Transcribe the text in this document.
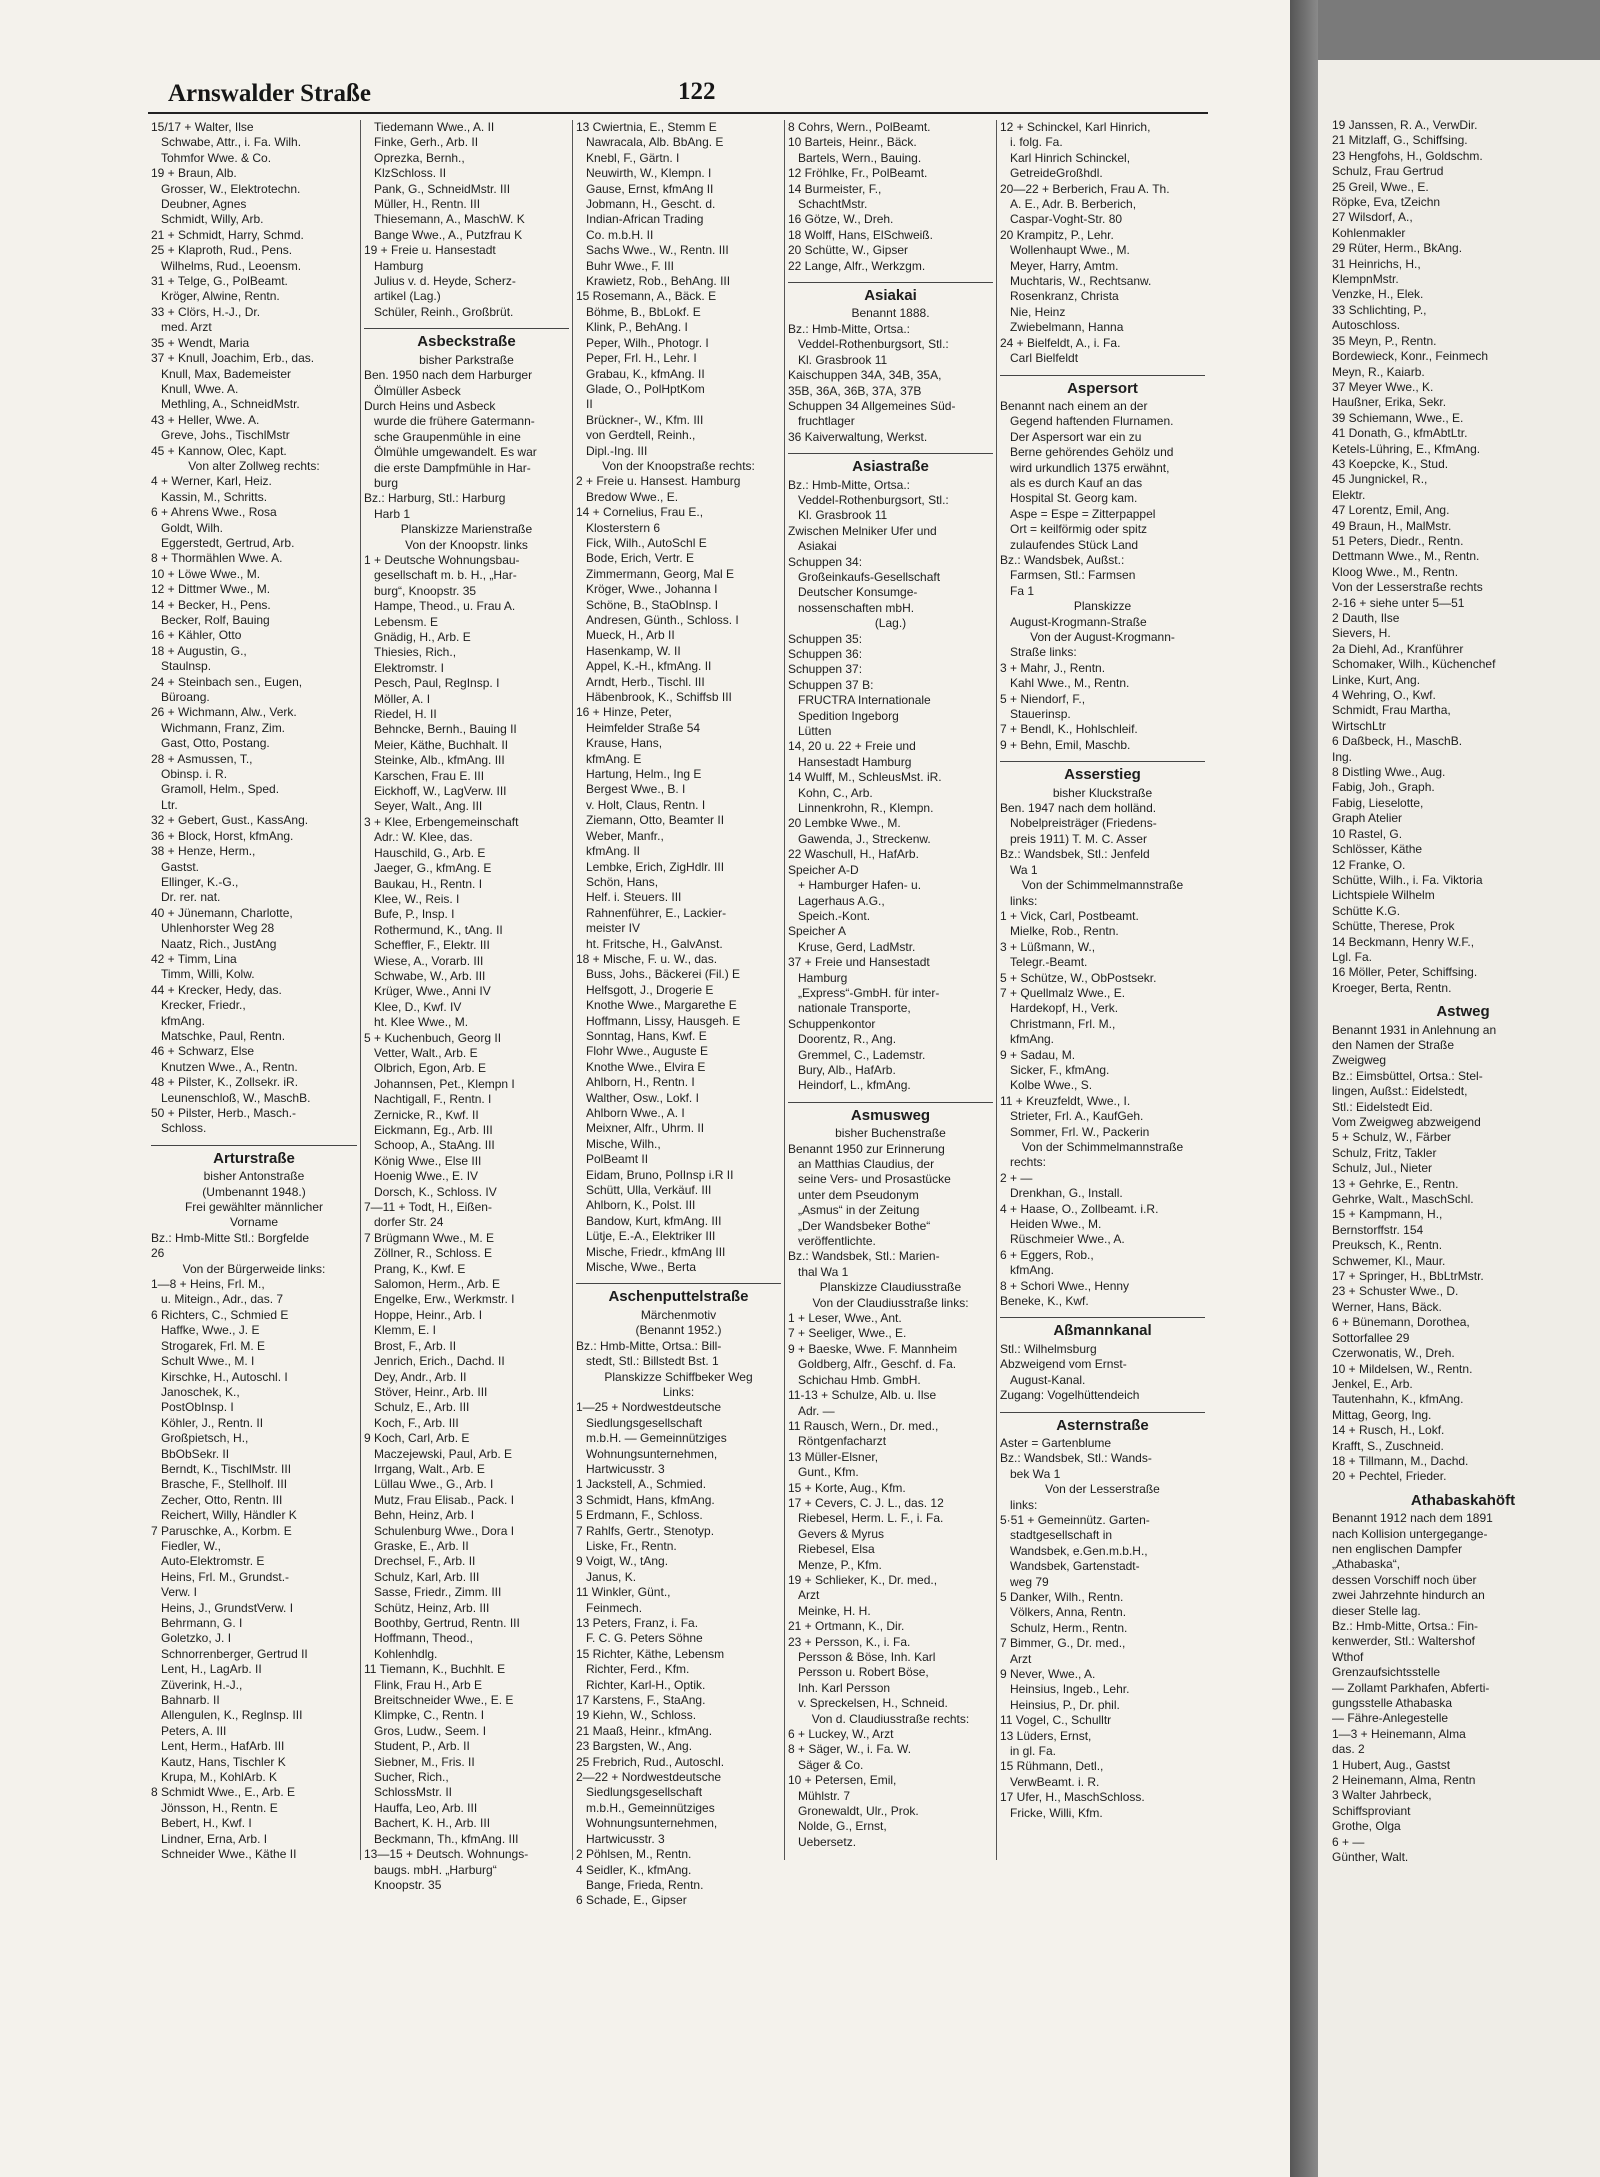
Arnswalder Straße	122
15/17 + Walter, Ilse
Schwabe, Attr., i. Fa. Wilh.
Tohmfor Wwe. & Co.
19 + Braun, Alb.
Grosser, W., Elektrotechn.
Deubner, Agnes
Schmidt, Willy, Arb.
21 + Schmidt, Harry, Schmd.
25 + Klaproth, Rud., Pens.
Wilhelms, Rud., Leoensm.
31 + Telge, G., PolBeamt.
Kröger, Alwine, Rentn.
33 + Clörs, H.-J., Dr.
med. Arzt
35 + Wendt, Maria
37 + Knull, Joachim, Erb., das.
Knull, Max, Bademeister
Knull, Wwe. A.
Methling, A., SchneidMstr.
43 + Heller, Wwe. A.
Greve, Johs., TischlMstr
45 + Kannow, Olec, Kapt.
Von alter Zollweg rechts:
4 + Werner, Karl, Heiz.
Kassin, M., Schritts.
6 + Ahrens Wwe., Rosa
Goldt, Wilh.
Eggerstedt, Gertrud, Arb.
8 + Thormählen Wwe. A.
10 + Löwe Wwe., M.
12 + Dittmer Wwe., M.
14 + Becker, H., Pens.
Becker, Rolf, Bauing
16 + Kähler, Otto
18 + Augustin, G.,
Staulnsp.
24 + Steinbach sen., Eugen,
Büroang.
26 + Wichmann, Alw., Verk.
Wichmann, Franz, Zim.
Gast, Otto, Postang.
28 + Asmussen, T.,
Obinsp. i. R.
Gramoll, Helm., Sped.
Ltr.
32 + Gebert, Gust., KassAng.
36 + Block, Horst, kfmAng.
38 + Henze, Herm.,
Gastst.
Ellinger, K.-G.,
Dr. rer. nat.
40 + Jünemann, Charlotte,
Uhlenhorster Weg 28
Naatz, Rich., JustAng
42 + Timm, Lina
Timm, Willi, Kolw.
44 + Krecker, Hedy, das.
Krecker, Friedr.,
kfmAng.
Matschke, Paul, Rentn.
46 + Schwarz, Else
Knutzen Wwe., A., Rentn.
48 + Pilster, K., Zollsekr. iR.
Leunenschloß, W., MaschB.
50 + Pilster, Herb., Masch.-
Schloss.
Arturstraße
bisher Antonstraße
(Umbenannt 1948.)
Frei gewählter männlicher
Vorname
Bz.: Hmb-Mitte Stl.: Borgfelde
26
Von der Bürgerweide links:
1—8 + Heins, Frl. M.,
u. Miteign., Adr., das. 7
6 Richters, C., Schmied E
Haffke, Wwe., J. E
Strogarek, Frl. M. E
Schult Wwe., M. I
Kirschke, H., Autoschl. I
Janoschek, K.,
PostObInsp. I
Köhler, J., Rentn. II
Großpietsch, H.,
BbObSekr. II
Berndt, K., TischlMstr. III
Brasche, F., Stellholf. III
Zecher, Otto, Rentn. III
Reichert, Willy, Händler K
7 Paruschke, A., Korbm. E
Fiedler, W.,
Auto-Elektromstr. E
Heins, Frl. M., Grundst.-
Verw. I
Heins, J., GrundstVerw. I
Behrmann, G. I
Goletzko, J. I
Schnorrenberger, Gertrud II
Lent, H., LagArb. II
Züverink, H.-J.,
Bahnarb. II
Allengulen, K., Reglnsp. III
Peters, A. III
Lent, Herm., HafArb. III
Kautz, Hans, Tischler K
Krupa, M., KohlArb. K
8 Schmidt Wwe., E., Arb. E
Jönsson, H., Rentn. E
Bebert, H., Kwf. I
Lindner, Erna, Arb. I
Schneider Wwe., Käthe II
Tiedemann Wwe., A. II
Finke, Gerh., Arb. II
Oprezka, Bernh.,
KlzSchloss. II
Pank, G., SchneidMstr. III
Müller, H., Rentn. III
Thiesemann, A., MaschW. K
Bange Wwe., A., Putzfrau K
19 + Freie u. Hansestadt
Hamburg
Julius v. d. Heyde, Scherz-
artikel (Lag.)
Schüler, Reinh., Großbrüt.
Asbeckstraße
bisher Parkstraße
Ben. 1950 nach dem Harburger
Ölmüller Asbeck
Durch Heins und Asbeck
wurde die frühere Gatermann-
sche Graupenmühle in eine
Ölmühle umgewandelt. Es war
die erste Dampfmühle in Har-
burg
Bz.: Harburg, Stl.: Harburg
Harb 1
Planskizze Marienstraße
Von der Knoopstr. links
1 + Deutsche Wohnungsbau-
gesellschaft m. b. H., „Har-
burg“, Knoopstr. 35
Hampe, Theod., u. Frau A.
Lebensm. E
Gnädig, H., Arb. E
Thiesies, Rich.,
Elektromstr. I
Pesch, Paul, RegInsp. I
Möller, A. I
Riedel, H. II
Behncke, Bernh., Bauing II
Meier, Käthe, Buchhalt. II
Steinke, Alb., kfmAng. III
Karschen, Frau E. III
Eickhoff, W., LagVerw. III
Seyer, Walt., Ang. III
3 + Klee, Erbengemeinschaft
Adr.: W. Klee, das.
Hauschild, G., Arb. E
Jaeger, G., kfmAng. E
Baukau, H., Rentn. I
Klee, W., Reis. I
Bufe, P., Insp. I
Rothermund, K., tAng. II
Scheffler, F., Elektr. III
Wiese, A., Vorarb. III
Schwabe, W., Arb. III
Krüger, Wwe., Anni IV
Klee, D., Kwf. IV
ht. Klee Wwe., M.
5 + Kuchenbuch, Georg II
Vetter, Walt., Arb. E
Olbrich, Egon, Arb. E
Johannsen, Pet., Klempn I
Nachtigall, F., Rentn. I
Zernicke, R., Kwf. II
Eickmann, Eg., Arb. III
Schoop, A., StaAng. III
König Wwe., Else III
Hoenig Wwe., E. IV
Dorsch, K., Schloss. IV
7—11 + Todt, H., Eißen-
dorfer Str. 24
7 Brügmann Wwe., M. E
Zöllner, R., Schloss. E
Prang, K., Kwf. E
Salomon, Herm., Arb. E
Engelke, Erw., Werkmstr. I
Hoppe, Heinr., Arb. I
Klemm, E. I
Brost, F., Arb. II
Jenrich, Erich., Dachd. II
Dey, Andr., Arb. II
Stöver, Heinr., Arb. III
Schulz, E., Arb. III
Koch, F., Arb. III
9 Koch, Carl, Arb. E
Maczejewski, Paul, Arb. E
Irrgang, Walt., Arb. E
Lüllau Wwe., G., Arb. I
Mutz, Frau Elisab., Pack. I
Behn, Heinz, Arb. I
Schulenburg Wwe., Dora I
Graske, E., Arb. II
Drechsel, F., Arb. II
Schulz, Karl, Arb. III
Sasse, Friedr., Zimm. III
Schütz, Heinz, Arb. III
Boothby, Gertrud, Rentn. III
Hoffmann, Theod.,
Kohlenhdlg.
11 Tiemann, K., Buchhlt. E
Flink, Frau H., Arb E
Breitschneider Wwe., E. E
Klimpke, C., Rentn. I
Gros, Ludw., Seem. I
Student, P., Arb. II
Siebner, M., Fris. II
Sucher, Rich.,
SchlossMstr. II
Hauffa, Leo, Arb. III
Bachert, K. H., Arb. III
Beckmann, Th., kfmAng. III
13—15 + Deutsch. Wohnungs-
baugs. mbH. „Harburg“
Knoopstr. 35
13 Cwiertnia, E., Stemm E
Nawracala, Alb. BbAng. E
Knebl, F., Gärtn. I
Neuwirth, W., Klempn. I
Gause, Ernst, kfmAng II
Jobmann, H., Gescht. d.
Indian-African Trading
Co. m.b.H. II
Sachs Wwe., W., Rentn. III
Buhr Wwe., F. III
Krawietz, Rob., BehAng. III
15 Rosemann, A., Bäck. E
Böhme, B., BbLokf. E
Klink, P., BehAng. I
Peper, Wilh., Photogr. I
Peper, Frl. H., Lehr. I
Grabau, K., kfmAng. II
Glade, O., PolHptKom
II
Brückner-, W., Kfm. III
von Gerdtell, Reinh.,
Dipl.-Ing. III
Von der Knoopstraße rechts:
2 + Freie u. Hansest. Hamburg
Bredow Wwe., E.
14 + Cornelius, Frau E.,
Klosterstern 6
Fick, Wilh., AutoSchl E
Bode, Erich, Vertr. E
Zimmermann, Georg, Mal E
Kröger, Wwe., Johanna I
Schöne, B., StaObInsp. I
Andresen, Günth., Schloss. I
Mueck, H., Arb II
Hasenkamp, W. II
Appel, K.-H., kfmAng. II
Arndt, Herb., Tischl. III
Häbenbrook, K., Schiffsb III
16 + Hinze, Peter,
Heimfelder Straße 54
Krause, Hans,
kfmAng. E
Hartung, Helm., Ing E
Bergest Wwe., B. I
v. Holt, Claus, Rentn. I
Ziemann, Otto, Beamter II
Weber, Manfr.,
kfmAng. II
Lembke, Erich, ZigHdlr. III
Schön, Hans,
Helf. i. Steuers. III
Rahnenführer, E., Lackier-
meister IV
ht. Fritsche, H., GalvAnst.
18 + Mische, F. u. W., das.
Buss, Johs., Bäckerei (Fil.) E
Helfsgott, J., Drogerie E
Knothe Wwe., Margarethe E
Hoffmann, Lissy, Hausgeh. E
Sonntag, Hans, Kwf. E
Flohr Wwe., Auguste E
Knothe Wwe., Elvira E
Ahlborn, H., Rentn. I
Walther, Osw., Lokf. I
Ahlborn Wwe., A. I
Meixner, Alfr., Uhrm. II
Mische, Wilh.,
PolBeamt II
Eidam, Bruno, PolInsp i.R II
Schütt, Ulla, Verkäuf. III
Ahlborn, K., Polst. III
Bandow, Kurt, kfmAng. III
Lütje, E.-A., Elektriker III
Mische, Friedr., kfmAng III
Mische, Wwe., Berta
Aschenputtelstraße
Märchenmotiv
(Benannt 1952.)
Bz.: Hmb-Mitte, Ortsa.: Bill-
stedt, Stl.: Billstedt Bst. 1
Planskizze Schiffbeker Weg
Links:
1—25 + Nordwestdeutsche
Siedlungsgesellschaft
m.b.H. — Gemeinnütziges
Wohnungsunternehmen,
Hartwicusstr. 3
1 Jackstell, A., Schmied.
3 Schmidt, Hans, kfmAng.
5 Erdmann, F., Schloss.
7 Rahlfs, Gertr., Stenotyp.
Liske, Fr., Rentn.
9 Voigt, W., tAng.
Janus, K.
11 Winkler, Günt.,
Feinmech.
13 Peters, Franz, i. Fa.
F. C. G. Peters Söhne
15 Richter, Käthe, Lebensm
Richter, Ferd., Kfm.
Richter, Karl-H., Optik.
17 Karstens, F., StaAng.
19 Kiehn, W., Schloss.
21 Maaß, Heinr., kfmAng.
23 Bargsten, W., Ang.
25 Frebrich, Rud., Autoschl.
2—22 + Nordwestdeutsche
Siedlungsgesellschaft
m.b.H., Gemeinnütziges
Wohnungsunternehmen,
Hartwicusstr. 3
2 Pöhlsen, M., Rentn.
4 Seidler, K., kfmAng.
Bange, Frieda, Rentn.
6 Schade, E., Gipser
8 Cohrs, Wern., PolBeamt.
10 Barteis, Heinr., Bäck.
Bartels, Wern., Bauing.
12 Fröhlke, Fr., PolBeamt.
14 Burmeister, F.,
SchachtMstr.
16 Götze, W., Dreh.
18 Wolff, Hans, ElSchweiß.
20 Schütte, W., Gipser
22 Lange, Alfr., Werkzgm.
Asiakai
Benannt 1888.
Bz.: Hmb-Mitte, Ortsa.:
Veddel-Rothenburgsort, Stl.:
Kl. Grasbrook 11
Kaischuppen 34A, 34B, 35A,
35B, 36A, 36B, 37A, 37B
Schuppen 34 Allgemeines Süd-
fruchtlager
36 Kaiverwaltung, Werkst.
Asiastraße
Bz.: Hmb-Mitte, Ortsa.:
Veddel-Rothenburgsort, Stl.:
Kl. Grasbrook 11
Zwischen Melniker Ufer und
Asiakai
Schuppen 34:
Großeinkaufs-Gesellschaft
Deutscher Konsumge-
nossenschaften mbH.
(Lag.)
Schuppen 35:
Schuppen 36:
Schuppen 37:
Schuppen 37 B:
FRUCTRA Internationale
Spedition Ingeborg
Lütten
14, 20 u. 22 + Freie und
Hansestadt Hamburg
14 Wulff, M., SchleusMst. iR.
Kohn, C., Arb.
Linnenkrohn, R., Klempn.
20 Lembke Wwe., M.
Gawenda, J., Streckenw.
22 Waschull, H., HafArb.
Speicher A-D
+ Hamburger Hafen- u.
Lagerhaus A.G.,
Speich.-Kont.
Speicher A
Kruse, Gerd, LadMstr.
37 + Freie und Hansestadt
Hamburg
„Express“-GmbH. für inter-
nationale Transporte,
Schuppenkontor
Doorentz, R., Ang.
Gremmel, C., Lademstr.
Bury, Alb., HafArb.
Heindorf, L., kfmAng.
Asmusweg
bisher Buchenstraße
Benannt 1950 zur Erinnerung
an Matthias Claudius, der
seine Vers- und Prosastücke
unter dem Pseudonym
„Asmus“ in der Zeitung
„Der Wandsbeker Bothe“
veröffentlichte.
Bz.: Wandsbek, Stl.: Marien-
thal Wa 1
Planskizze Claudiusstraße
Von der Claudiusstraße links:
1 + Leser, Wwe., Ant.
7 + Seeliger, Wwe., E.
9 + Baeske, Wwe. F. Mannheim
Goldberg, Alfr., Geschf. d. Fa.
Schichau Hmb. GmbH.
11-13 + Schulze, Alb. u. Ilse
Adr. —
11 Rausch, Wern., Dr. med.,
Röntgenfacharzt
13 Müller-Elsner,
Gunt., Kfm.
15 + Korte, Aug., Kfm.
17 + Cevers, C. J. L., das. 12
Riebesel, Herm. L. F., i. Fa.
Gevers & Myrus
Riebesel, Elsa
Menze, P., Kfm.
19 + Schlieker, K., Dr. med.,
Arzt
Meinke, H. H.
21 + Ortmann, K., Dir.
23 + Persson, K., i. Fa.
Persson & Böse, Inh. Karl
Persson u. Robert Böse,
Inh. Karl Persson
v. Spreckelsen, H., Schneid.
Von d. Claudiusstraße rechts:
6 + Luckey, W., Arzt
8 + Säger, W., i. Fa. W.
Säger & Co.
10 + Petersen, Emil,
Mühlstr. 7
Gronewaldt, Ulr., Prok.
Nolde, G., Ernst,
Uebersetz.
12 + Schinckel, Karl Hinrich,
i. folg. Fa.
Karl Hinrich Schinckel,
GetreideGroßhdl.
20—22 + Berberich, Frau A. Th.
A. E., Adr. B. Berberich,
Caspar-Voght-Str. 80
20 Krampitz, P., Lehr.
Wollenhaupt Wwe., M.
Meyer, Harry, Amtm.
Muchtaris, W., Rechtsanw.
Rosenkranz, Christa
Nie, Heinz
Zwiebelmann, Hanna
24 + Bielfeldt, A., i. Fa.
Carl Bielfeldt
Aspersort
Benannt nach einem an der
Gegend haftenden Flurnamen.
Der Aspersort war ein zu
Berne gehörendes Gehölz und
wird urkundlich 1375 erwähnt,
als es durch Kauf an das
Hospital St. Georg kam.
Aspe = Espe = Zitterpappel
Ort = keilförmig oder spitz
zulaufendes Stück Land
Bz.: Wandsbek, Außst.:
Farmsen, Stl.: Farmsen
Fa 1
Planskizze
August-Krogmann-Straße
Von der August-Krogmann-
Straße links:
3 + Mahr, J., Rentn.
Kahl Wwe., M., Rentn.
5 + Niendorf, F.,
Stauerinsp.
7 + Bendl, K., Hohlschleif.
9 + Behn, Emil, Maschb.
Asserstieg
bisher Kluckstraße
Ben. 1947 nach dem holländ.
Nobelpreisträger (Friedens-
preis 1911) T. M. C. Asser
Bz.: Wandsbek, Stl.: Jenfeld
Wa 1
Von der Schimmelmannstraße
links:
1 + Vick, Carl, Postbeamt.
Mielke, Rob., Rentn.
3 + Lüßmann, W.,
Telegr.-Beamt.
5 + Schütze, W., ObPostsekr.
7 + Quellmalz Wwe., E.
Hardekopf, H., Verk.
Christmann, Frl. M.,
kfmAng.
9 + Sadau, M.
Sicker, F., kfmAng.
Kolbe Wwe., S.
11 + Kreuzfeldt, Wwe., I.
Strieter, Frl. A., KaufGeh.
Sommer, Frl. W., Packerin
Von der Schimmelmannstraße
rechts:
2 + —
Drenkhan, G., Install.
4 + Haase, O., Zollbeamt. i.R.
Heiden Wwe., M.
Rüschmeier Wwe., A.
6 + Eggers, Rob.,
kfmAng.
8 + Schori Wwe., Henny
Beneke, K., Kwf.
Aßmannkanal
Stl.: Wilhelmsburg
Abzweigend vom Ernst-
August-Kanal.
Zugang: Vogelhüttendeich
Asternstraße
Aster = Gartenblume
Bz.: Wandsbek, Stl.: Wands-
bek Wa 1
Von der Lesserstraße
links:
5·51 + Gemeinnütz. Garten-
stadtgesellschaft in
Wandsbek, e.Gen.m.b.H.,
Wandsbek, Gartenstadt-
weg 79
5 Danker, Wilh., Rentn.
Völkers, Anna, Rentn.
Schulz, Herm., Rentn.
7 Bimmer, G., Dr. med.,
Arzt
9 Never, Wwe., A.
Heinsius, Ingeb., Lehr.
Heinsius, P., Dr. phil.
11 Vogel, C., Schulltr
13 Lüders, Ernst,
in gl. Fa.
15 Rühmann, Detl.,
VerwBeamt. i. R.
17 Ufer, H., MaschSchloss.
Fricke, Willi, Kfm.
19 Janssen, R. A., VerwDir.
21 Mitzlaff, G., Schiffsing.
23 Hengfohs, H., Goldschm.
Schulz, Frau Gertrud
25 Greil, Wwe., E.
Röpke, Eva, tZeichn
27 Wilsdorf, A.,
Kohlenmakler
29 Rüter, Herm., BkAng.
31 Heinrichs, H.,
KlempnMstr.
Venzke, H., Elek.
33 Schlichting, P.,
Autoschloss.
35 Meyn, P., Rentn.
Bordewieck, Konr., Feinmech
Meyn, R., Kaiarb.
37 Meyer Wwe., K.
Haußner, Erika, Sekr.
39 Schiemann, Wwe., E.
41 Donath, G., kfmAbtLtr.
Ketels-Lühring, E., KfmAng.
43 Koepcke, K., Stud.
45 Jungnickel, R.,
Elektr.
47 Lorentz, Emil, Ang.
49 Braun, H., MalMstr.
51 Peters, Diedr., Rentn.
Dettmann Wwe., M., Rentn.
Kloog Wwe., M., Rentn.
Von der Lesserstraße rechts
2-16 + siehe unter 5—51
2 Dauth, Ilse
Sievers, H.
2a Diehl, Ad., Kranführer
Schomaker, Wilh., Küchenchef
Linke, Kurt, Ang.
4 Wehring, O., Kwf.
Schmidt, Frau Martha,
WirtschLtr
6 Daßbeck, H., MaschB.
Ing.
8 Distling Wwe., Aug.
Fabig, Joh., Graph.
Fabig, Lieselotte,
Graph Atelier
10 Rastel, G.
Schlösser, Käthe
12 Franke, O.
Schütte, Wilh., i. Fa. Viktoria
Lichtspiele Wilhelm
Schütte K.G.
Schütte, Therese, Prok
14 Beckmann, Henry W.F.,
Lgl. Fa.
16 Möller, Peter, Schiffsing.
Kroeger, Berta, Rentn.
Astweg
Benannt 1931 in Anlehnung an
den Namen der Straße
Zweigweg
Bz.: Eimsbüttel, Ortsa.: Stel-
lingen, Außst.: Eidelstedt,
Stl.: Eidelstedt Eid.
Vom Zweigweg abzweigend
5 + Schulz, W., Färber
Schulz, Fritz, Takler
Schulz, Jul., Nieter
13 + Gehrke, E., Rentn.
Gehrke, Walt., MaschSchl.
15 + Kampmann, H.,
Bernstorffstr. 154
Preuksch, K., Rentn.
Schwemer, Kl., Maur.
17 + Springer, H., BbLtrMstr.
23 + Schuster Wwe., D.
Werner, Hans, Bäck.
6 + Bünemann, Dorothea,
Sottorfallee 29
Czerwonatis, W., Dreh.
10 + Mildelsen, W., Rentn.
Jenkel, E., Arb.
Tautenhahn, K., kfmAng.
Mittag, Georg, Ing.
14 + Rusch, H., Lokf.
Krafft, S., Zuschneid.
18 + Tillmann, M., Dachd.
20 + Pechtel, Frieder.
Athabaskahöft
Benannt 1912 nach dem 1891
nach Kollision untergegange-
nen englischen Dampfer
„Athabaska“,
dessen Vorschiff noch über
zwei Jahrzehnte hindurch an
dieser Stelle lag.
Bz.: Hmb-Mitte, Ortsa.: Fin-
kenwerder, Stl.: Waltershof
Wthof
Grenzaufsichtsstelle
— Zollamt Parkhafen, Abferti-
gungsstelle Athabaska
— Fähre-Anlegestelle
1—3 + Heinemann, Alma
das. 2
1 Hubert, Aug., Gastst
2 Heinemann, Alma, Rentn
3 Walter Jahrbeck,
Schiffsproviant
Grothe, Olga
6 + —
Günther, Walt.
